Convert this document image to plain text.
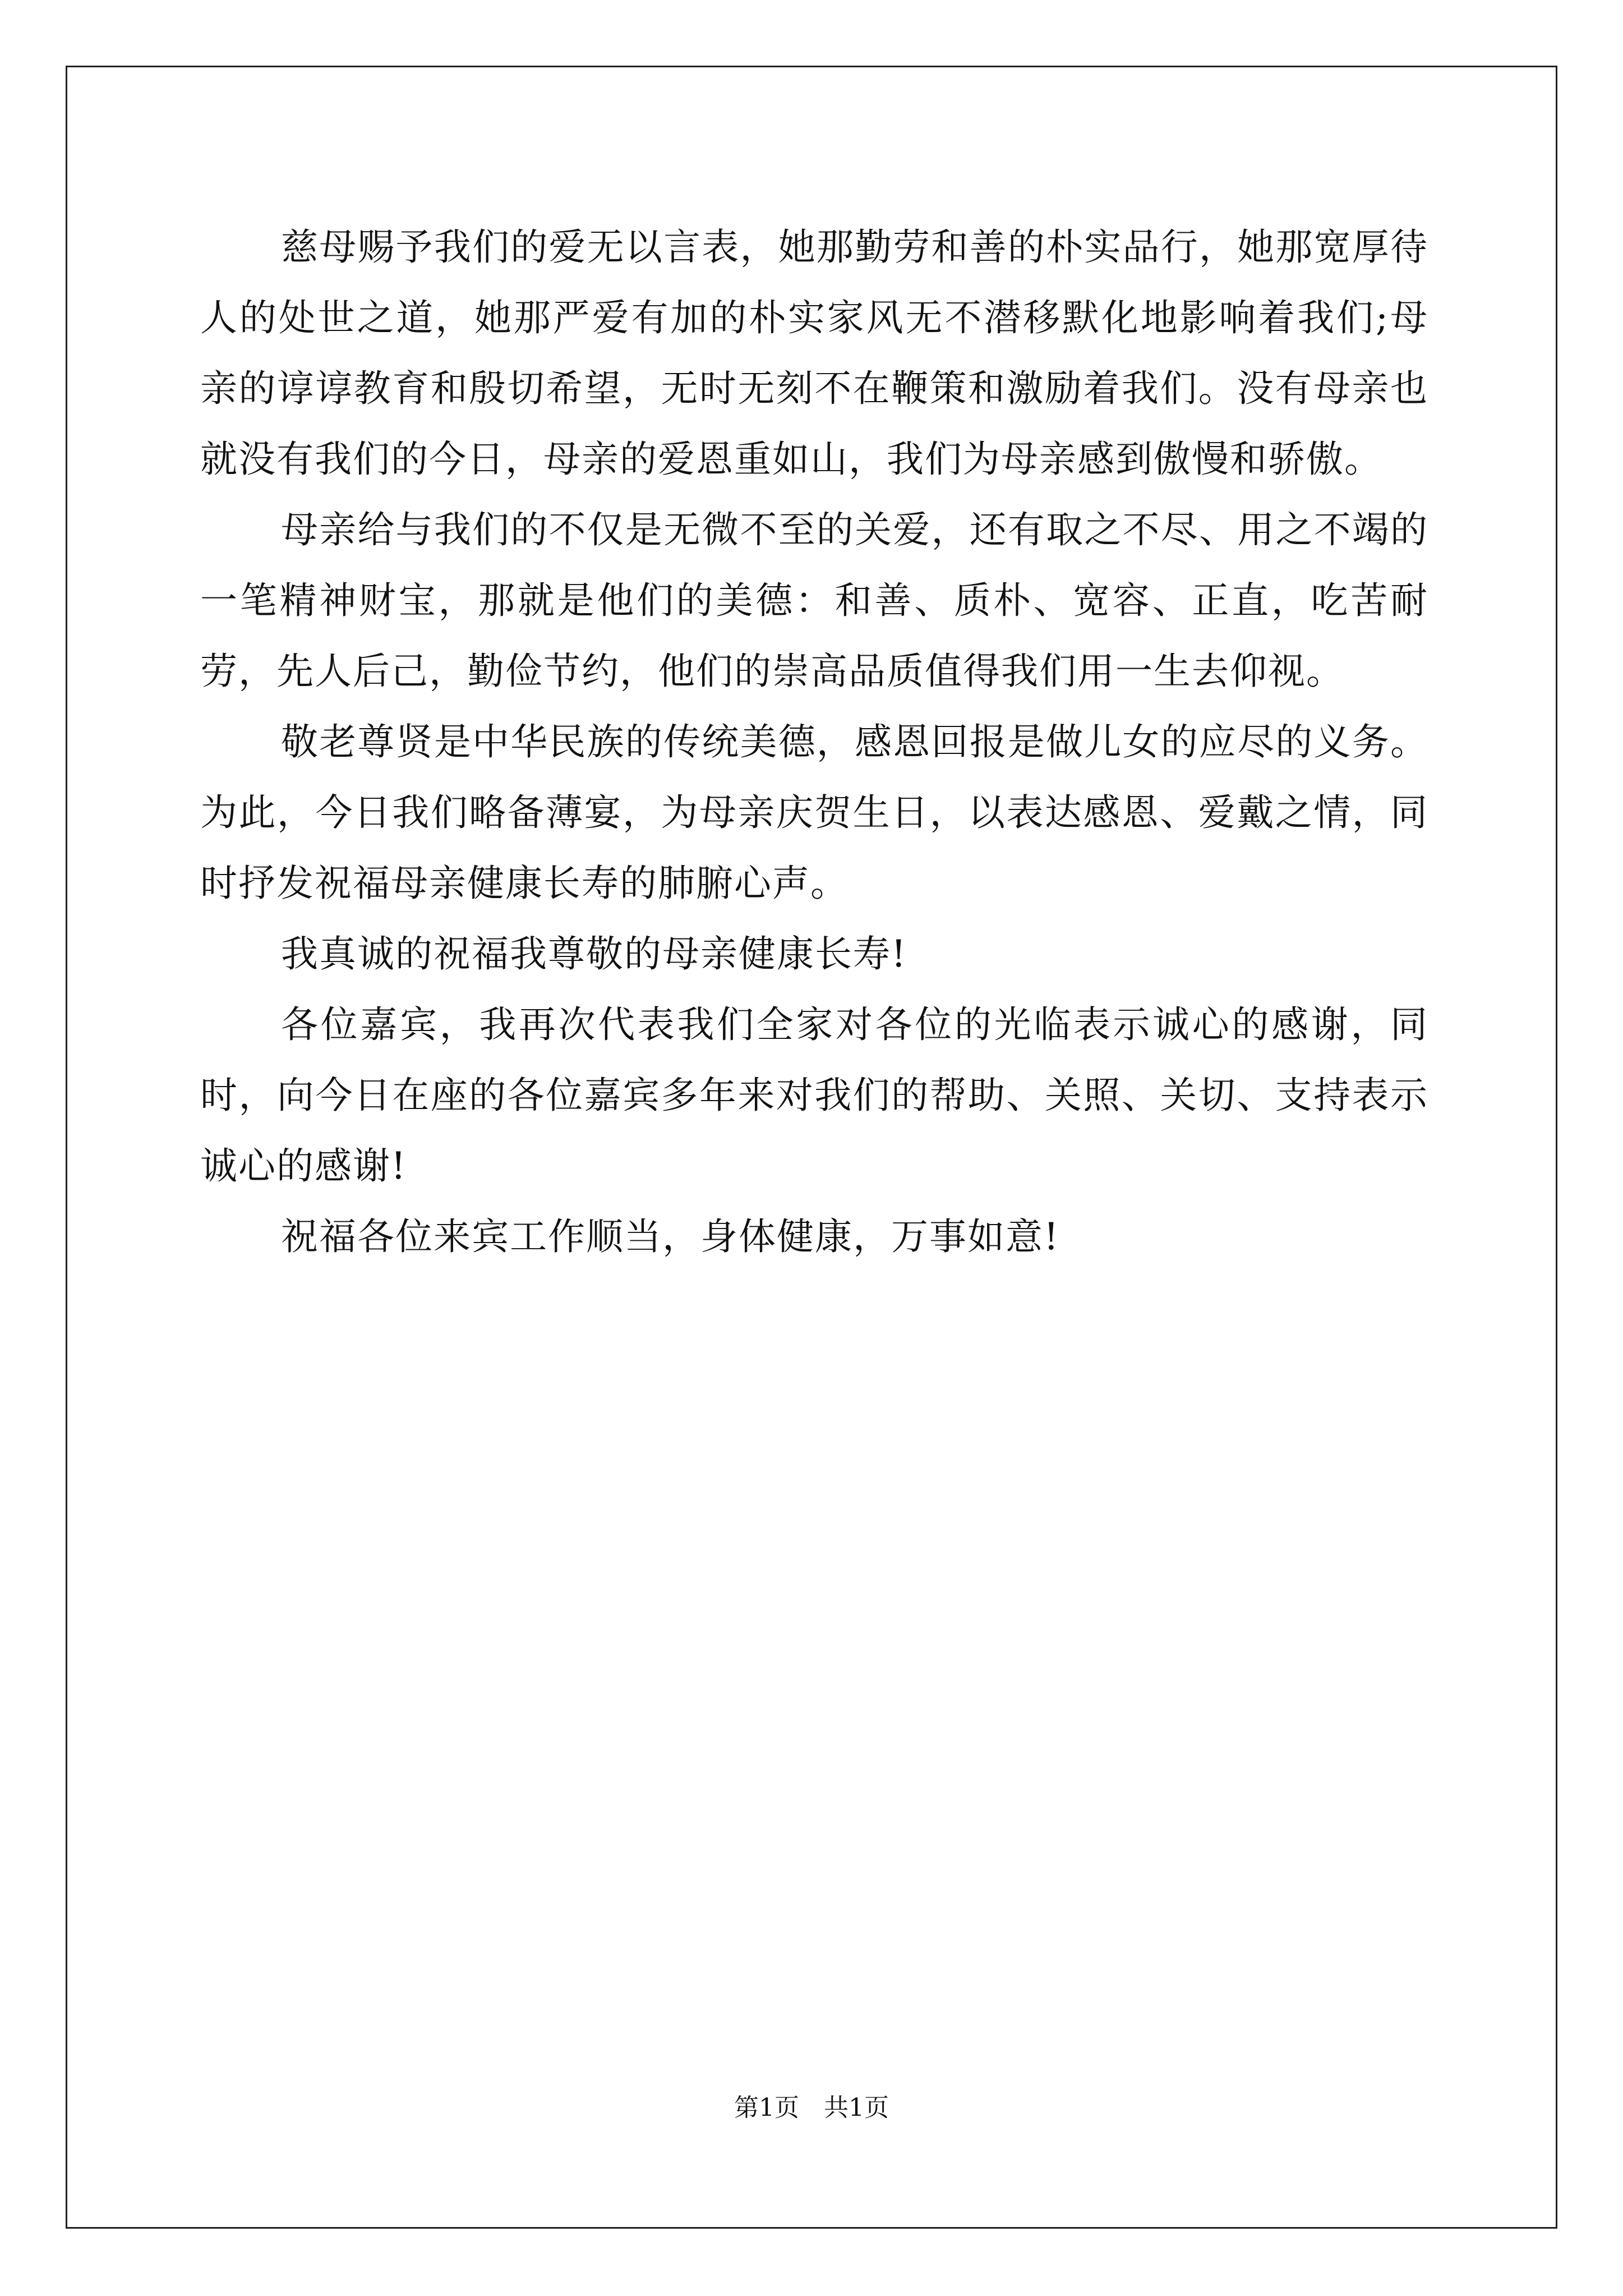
慈母赐予我们的爱无以言表，她那勤劳和善的朴实品行，她那宽厚待人的处世之道，她那严爱有加的朴实家风无不潜移默化地影响着我们;母亲的谆谆教育和殷切希望，无时无刻不在鞭策和激励着我们。没有母亲也就没有我们的今日，母亲的爱恩重如山，我们为母亲感到傲慢和骄傲。

母亲给与我们的不仅是无微不至的关爱，还有取之不尽、用之不竭的一笔精神财宝，那就是他们的美德：和善、质朴、宽容、正直，吃苦耐劳，先人后己，勤俭节约，他们的崇高品质值得我们用一生去仰视。

敬老尊贤是中华民族的传统美德，感恩回报是做儿女的应尽的义务。为此，今日我们略备薄宴，为母亲庆贺生日，以表达感恩、爱戴之情，同时抒发祝福母亲健康长寿的肺腑心声。

我真诚的祝福我尊敬的母亲健康长寿!

各位嘉宾，我再次代表我们全家对各位的光临表示诚心的感谢，同时，向今日在座的各位嘉宾多年来对我们的帮助、关照、关切、支持表示诚心的感谢!

祝福各位来宾工作顺当，身体健康，万事如意!

第1页　共1页
